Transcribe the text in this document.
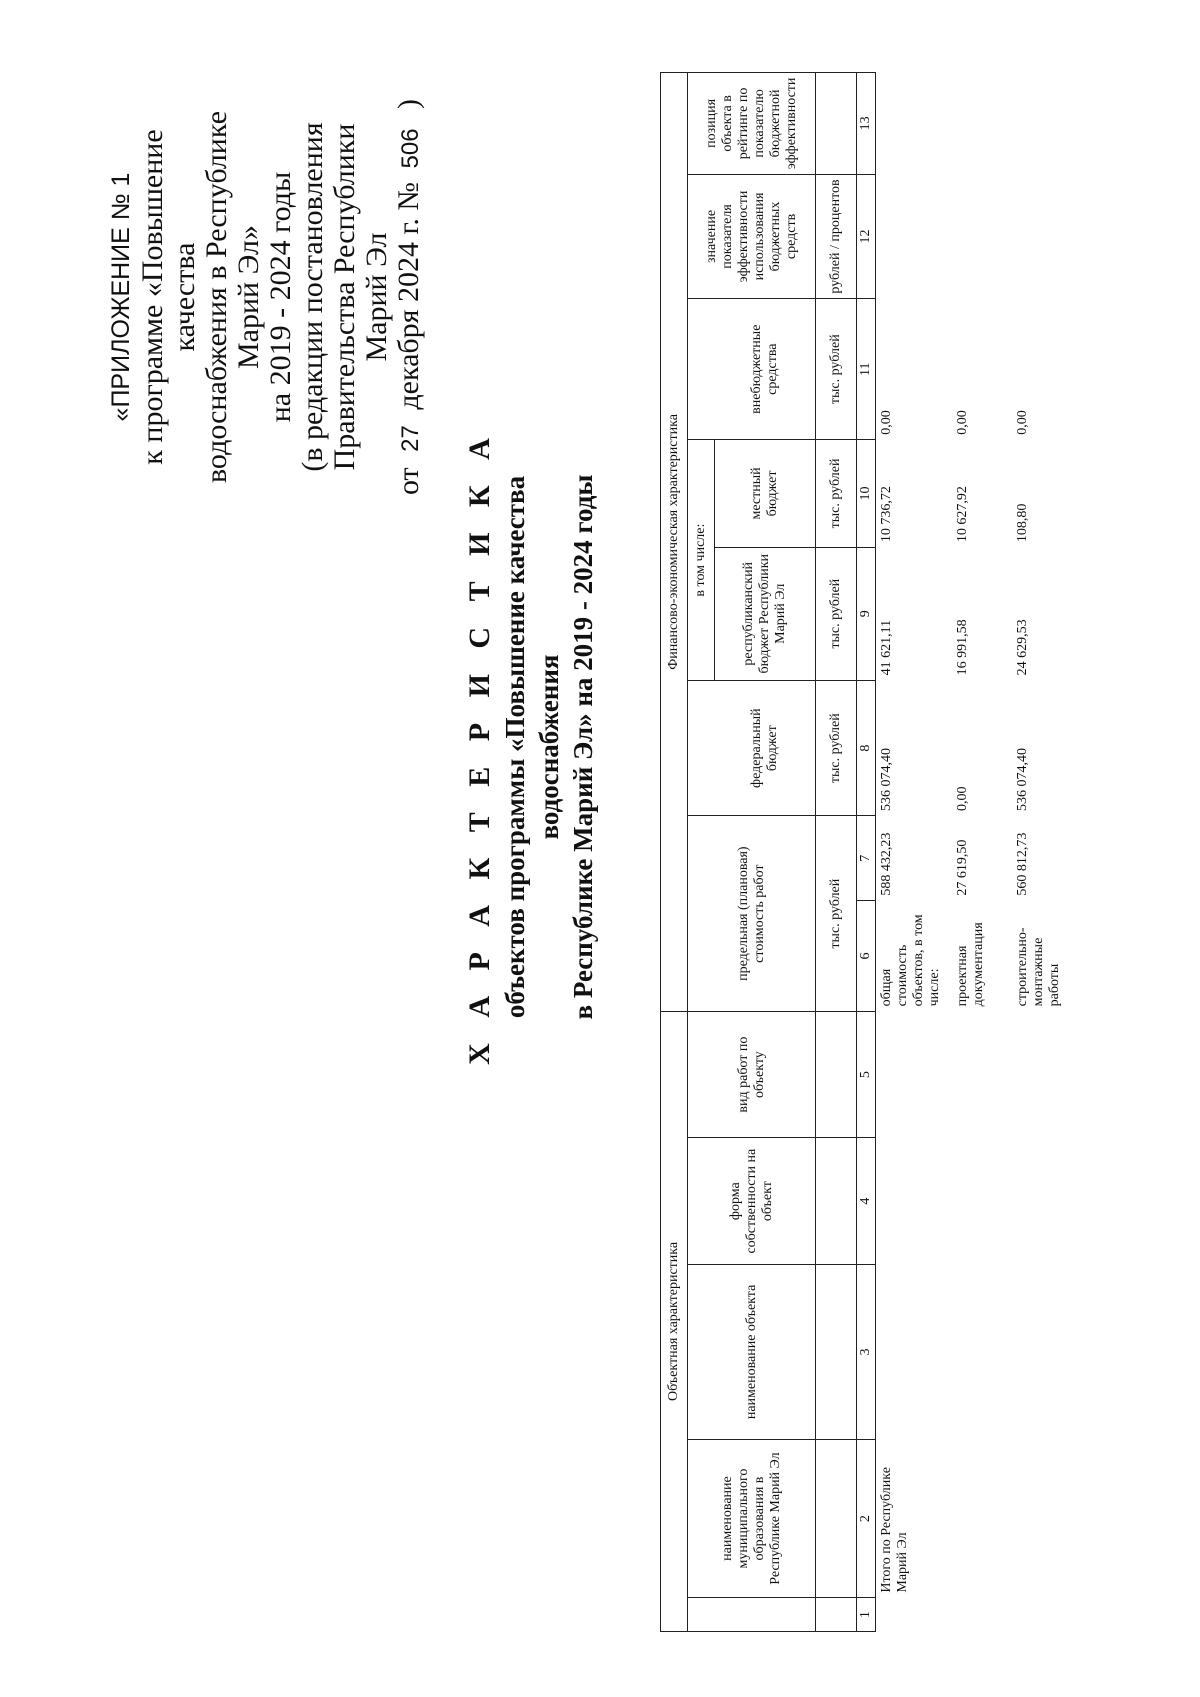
«ПРИЛОЖЕНИЕ № 1 к программе «Повышение качества водоснабжения в Республике Марий Эл» на 2019 - 2024 годы (в редакции постановления Правительства Республики Марий Эл
от 27 декабря 2024 г. № 506 )
Х А Р А К Т Е Р И С Т И К А объектов программы «Повышение качества водоснабжения в Республике Марий Эл» на 2019 - 2024 годы
Объектная характеристика					Финансово-экономическая характеристика							
	наименование муниципального образования в Республике Марий Эл	наименование объекта	форма собственности на объект	вид работ по объекту	предельная (плановая) стоимость работ			в том числе:			значение показателя эффективности использования бюджетных средств	позиция объекта в рейтинге по показателю бюджетной эффективности
							федеральный бюджет	республиканский бюджет Республики Марий Эл	местный бюджет	внебюджетные средства		
					тыс. рублей		тыс. рублей	тыс. рублей	тыс. рублей	тыс. рублей	рублей / процентов	
1	2	3	4	5	6	7	8	9	10	11	12	13
	Итого по Республике Марий Эл				общая стоимость объектов, в том числе:	588 432,23	536 074,40	41 621,11	10 736,72	0,00		
					проектная документация	27 619,50	0,00	16 991,58	10 627,92	0,00		
					строительно-монтажные работы	560 812,73	536 074,40	24 629,53	108,80	0,00		
